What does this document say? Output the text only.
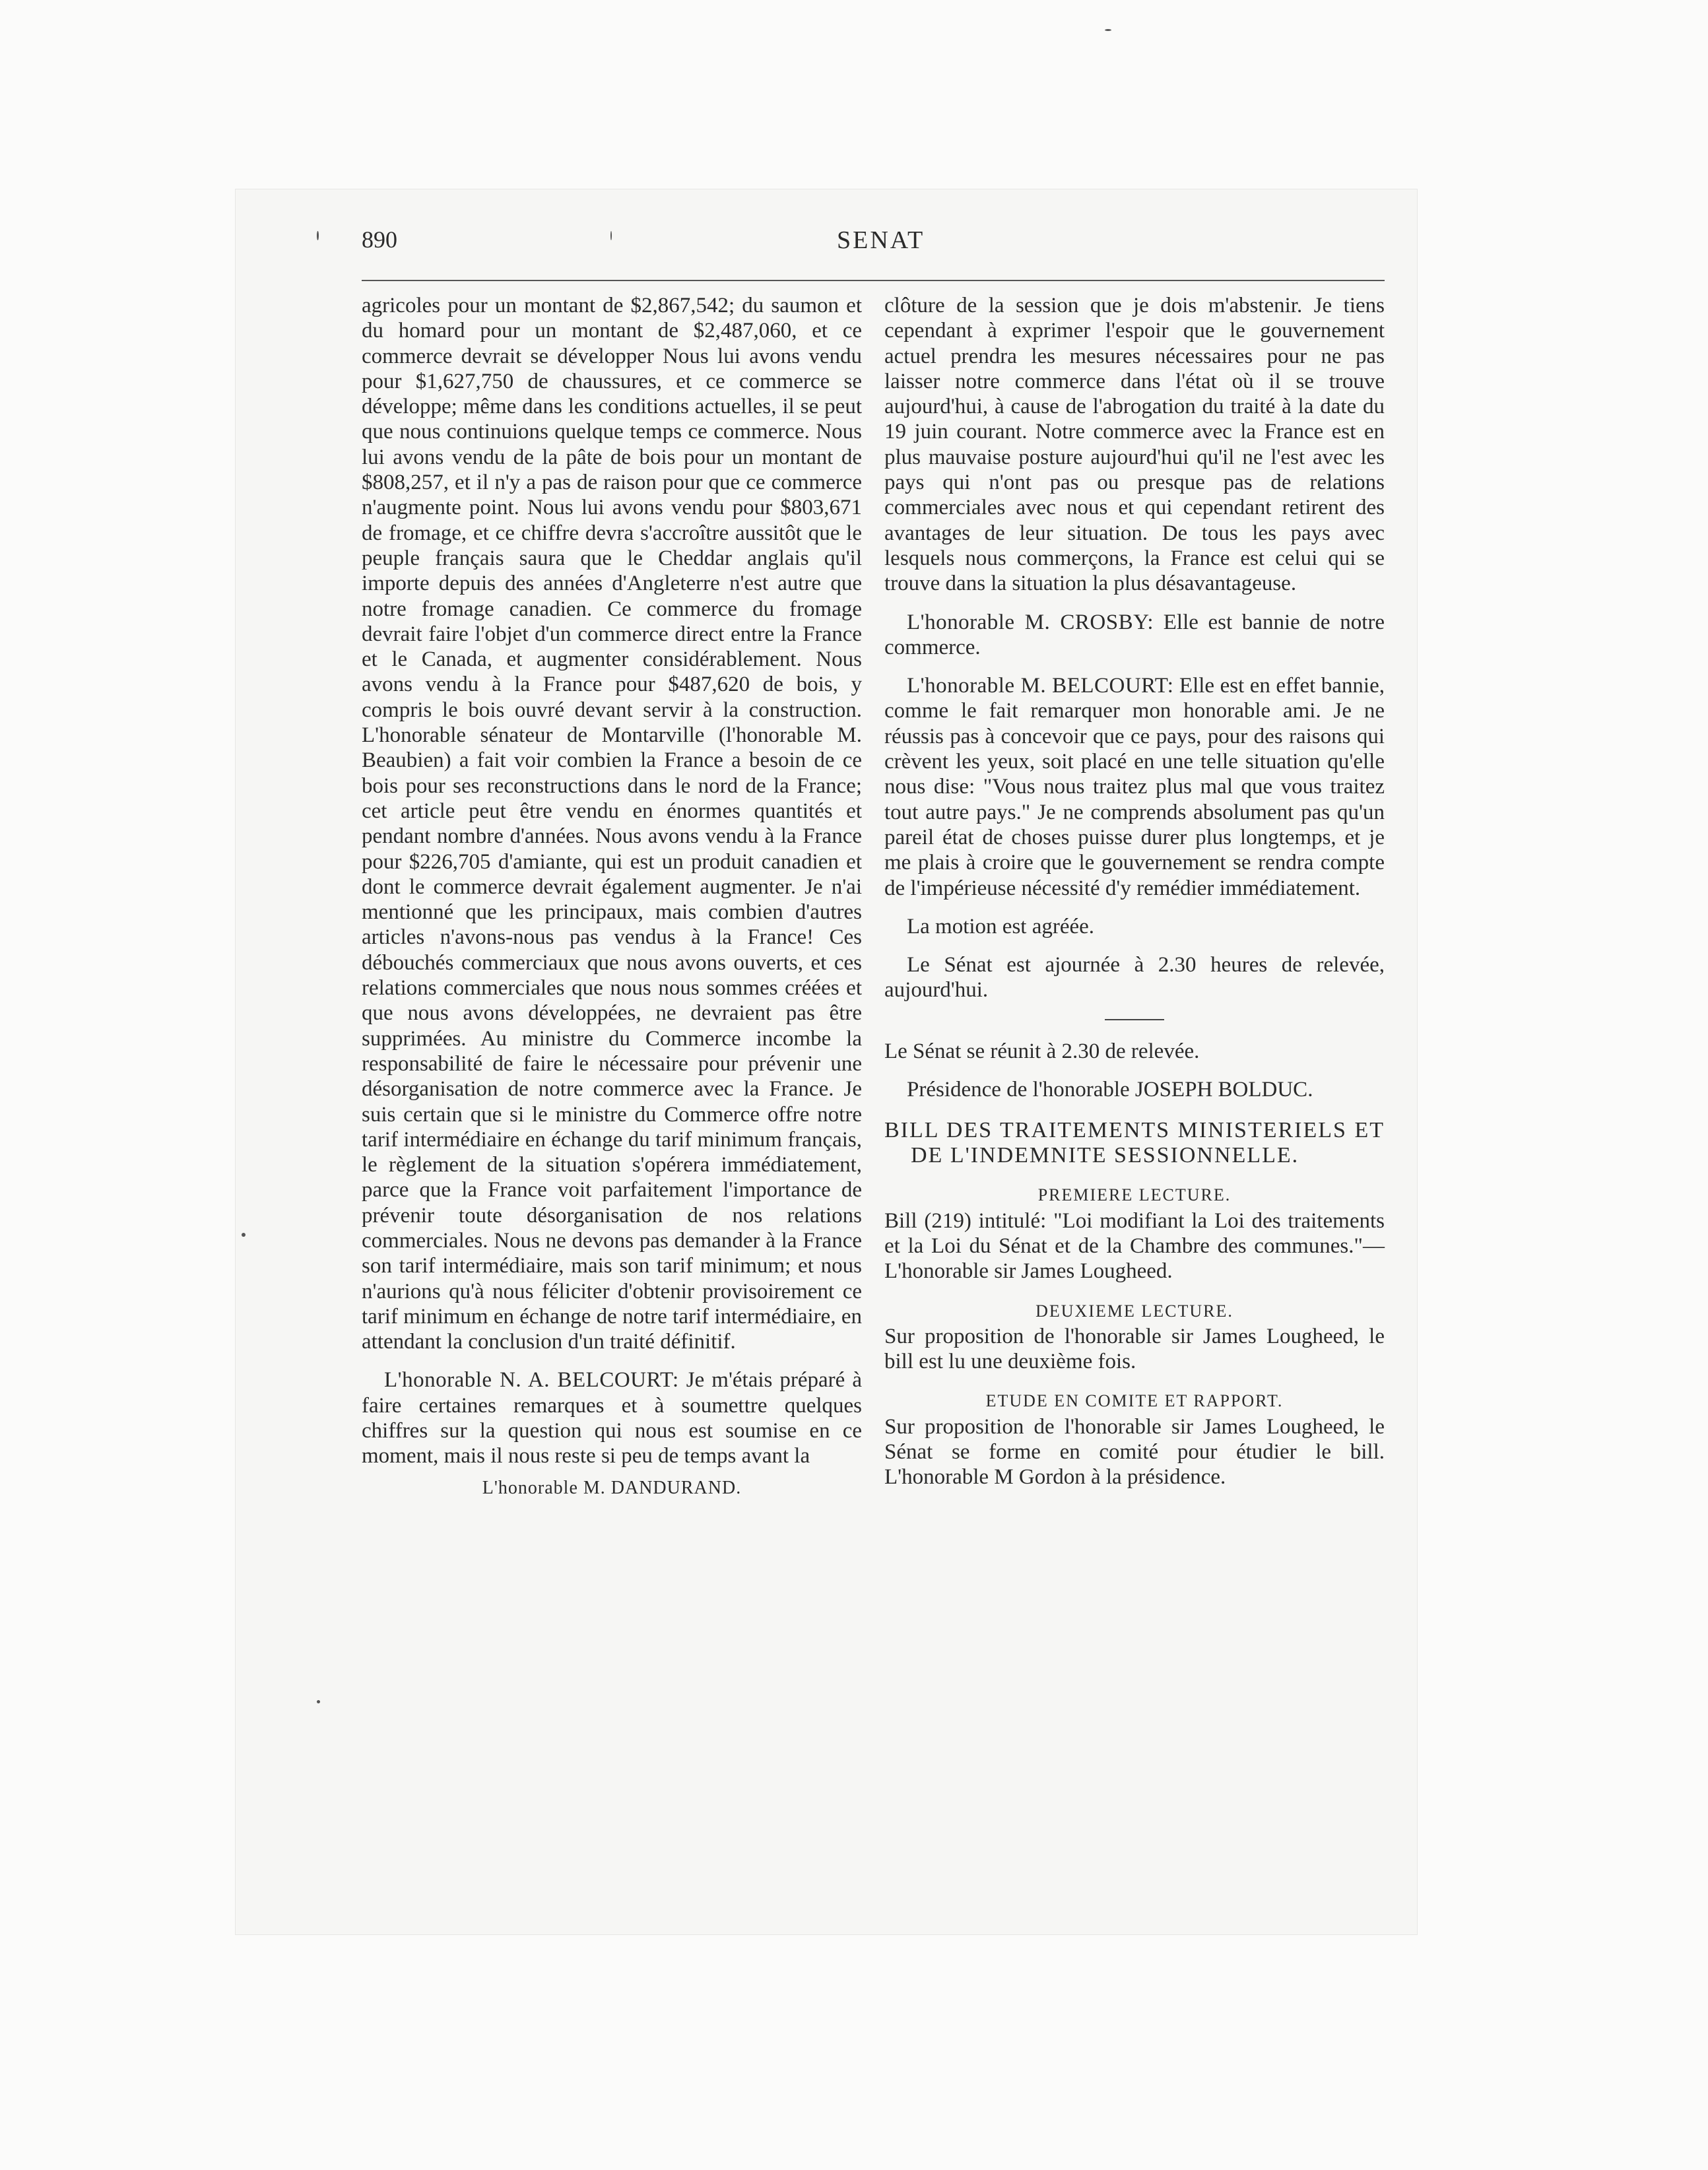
890	SENAT

agricoles pour un montant de $2,867,542; du saumon et du homard pour un montant de $2,487,060, et ce commerce devrait se développer Nous lui avons vendu pour $1,627,750 de chaussures, et ce commerce se développe; même dans les conditions actuelles, il se peut que nous continuions quelque temps ce commerce. Nous lui avons vendu de la pâte de bois pour un montant de $808,257, et il n'y a pas de raison pour que ce commerce n'augmente point. Nous lui avons vendu pour $803,671 de fromage, et ce chiffre devra s'accroître aussitôt que le peuple français saura que le Cheddar anglais qu'il importe depuis des années d'Angleterre n'est autre que notre fromage canadien. Ce commerce du fromage devrait faire l'objet d'un commerce direct entre la France et le Canada, et augmenter considérablement. Nous avons vendu à la France pour $487,620 de bois, y compris le bois ouvré devant servir à la construction. L'honorable sénateur de Montarville (l'honorable M. Beaubien) a fait voir combien la France a besoin de ce bois pour ses reconstructions dans le nord de la France; cet article peut être vendu en énormes quantités et pendant nombre d'années. Nous avons vendu à la France pour $226,705 d'amiante, qui est un produit canadien et dont le commerce devrait également augmenter. Je n'ai mentionné que les principaux, mais combien d'autres articles n'avons-nous pas vendus à la France! Ces débouchés commerciaux que nous avons ouverts, et ces relations commerciales que nous nous sommes créées et que nous avons développées, ne devraient pas être supprimées. Au ministre du Commerce incombe la responsabilité de faire le nécessaire pour prévenir une désorganisation de notre commerce avec la France. Je suis certain que si le ministre du Commerce offre notre tarif intermédiaire en échange du tarif minimum français, le règlement de la situation s'opérera immédiatement, parce que la France voit parfaitement l'importance de prévenir toute désorganisation de nos relations commerciales. Nous ne devons pas demander à la France son tarif intermédiaire, mais son tarif minimum; et nous n'aurions qu'à nous féliciter d'obtenir provisoirement ce tarif minimum en échange de notre tarif intermédiaire, en attendant la conclusion d'un traité définitif.

L'honorable N. A. BELCOURT: Je m'étais préparé à faire certaines remarques et à soumettre quelques chiffres sur la question qui nous est soumise en ce moment, mais il nous reste si peu de temps avant la

L'honorable M. DANDURAND.

clôture de la session que je dois m'abstenir. Je tiens cependant à exprimer l'espoir que le gouvernement actuel prendra les mesures nécessaires pour ne pas laisser notre commerce dans l'état où il se trouve aujourd'hui, à cause de l'abrogation du traité à la date du 19 juin courant. Notre commerce avec la France est en plus mauvaise posture aujourd'hui qu'il ne l'est avec les pays qui n'ont pas ou presque pas de relations commerciales avec nous et qui cependant retirent des avantages de leur situation. De tous les pays avec lesquels nous commerçons, la France est celui qui se trouve dans la situation la plus désavantageuse.

L'honorable M. CROSBY: Elle est bannie de notre commerce.

L'honorable M. BELCOURT: Elle est en effet bannie, comme le fait remarquer mon honorable ami. Je ne réussis pas à concevoir que ce pays, pour des raisons qui crèvent les yeux, soit placé en une telle situation qu'elle nous dise: "Vous nous traitez plus mal que vous traitez tout autre pays." Je ne comprends absolument pas qu'un pareil état de choses puisse durer plus longtemps, et je me plais à croire que le gouvernement se rendra compte de l'impérieuse nécessité d'y remédier immédiatement.

La motion est agréée.

Le Sénat est ajournée à 2.30 heures de relevée, aujourd'hui.

Le Sénat se réunit à 2.30 de relevée.

Présidence de l'honorable JOSEPH BOLDUC.

BILL DES TRAITEMENTS MINISTERIELS ET DE L'INDEMNITE SESSIONNELLE.
PREMIERE LECTURE.

Bill (219) intitulé: "Loi modifiant la Loi des traitements et la Loi du Sénat et de la Chambre des communes."—L'honorable sir James Lougheed.

DEUXIEME LECTURE.

Sur proposition de l'honorable sir James Lougheed, le bill est lu une deuxième fois.

ETUDE EN COMITE ET RAPPORT.

Sur proposition de l'honorable sir James Lougheed, le Sénat se forme en comité pour étudier le bill. L'honorable M Gordon à la présidence.
